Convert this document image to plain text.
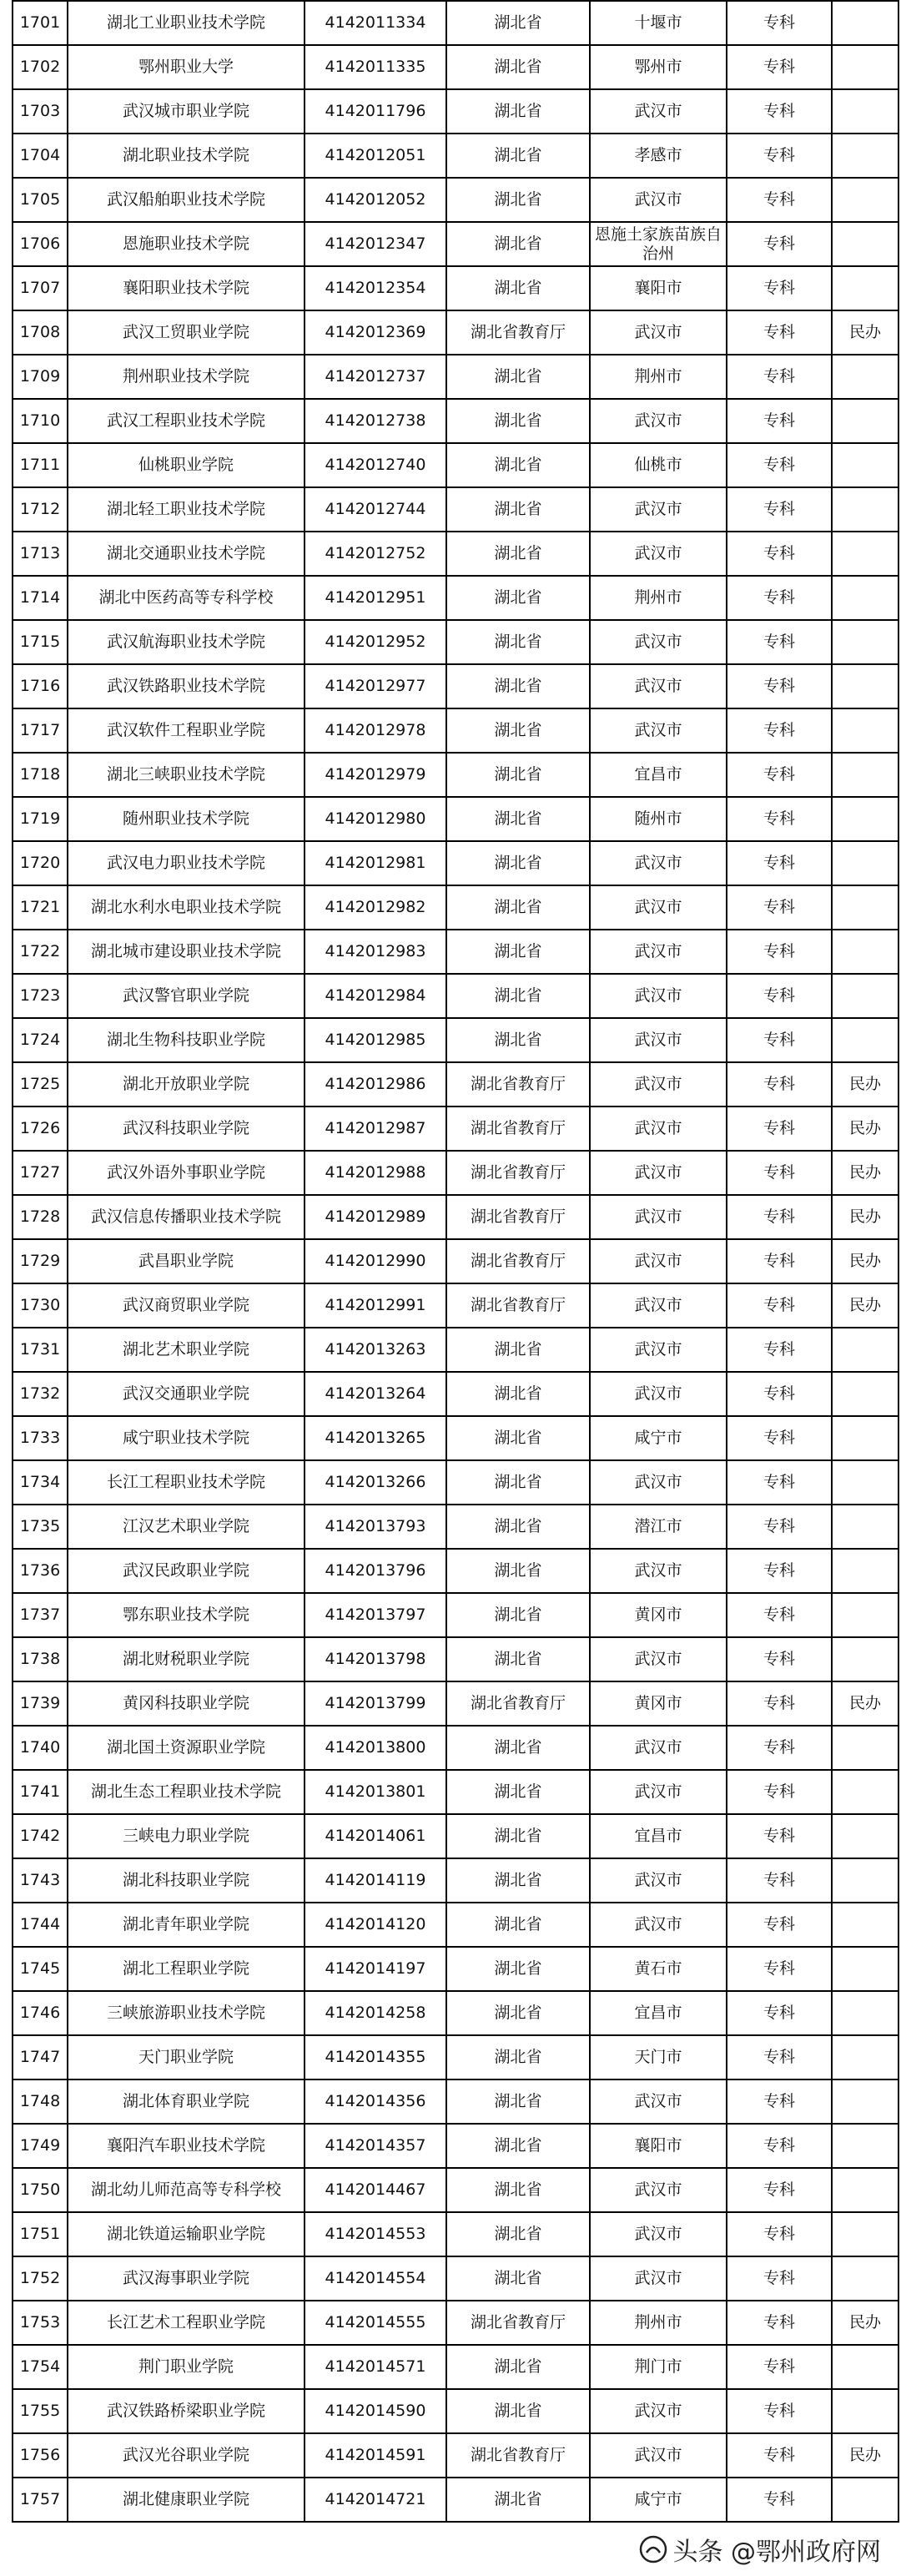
1701	湖北工业职业技术学院	4142011334	湖北省	十堰市	专科	
1702	鄂州职业大学	4142011335	湖北省	鄂州市	专科	
1703	武汉城市职业学院	4142011796	湖北省	武汉市	专科	
1704	湖北职业技术学院	4142012051	湖北省	孝感市	专科	
1705	武汉船舶职业技术学院	4142012052	湖北省	武汉市	专科	
1706	恩施职业技术学院	4142012347	湖北省	恩施土家族苗族自治州	专科	
1707	襄阳职业技术学院	4142012354	湖北省	襄阳市	专科	
1708	武汉工贸职业学院	4142012369	湖北省教育厅	武汉市	专科	民办
1709	荆州职业技术学院	4142012737	湖北省	荆州市	专科	
1710	武汉工程职业技术学院	4142012738	湖北省	武汉市	专科	
1711	仙桃职业学院	4142012740	湖北省	仙桃市	专科	
1712	湖北轻工职业技术学院	4142012744	湖北省	武汉市	专科	
1713	湖北交通职业技术学院	4142012752	湖北省	武汉市	专科	
1714	湖北中医药高等专科学校	4142012951	湖北省	荆州市	专科	
1715	武汉航海职业技术学院	4142012952	湖北省	武汉市	专科	
1716	武汉铁路职业技术学院	4142012977	湖北省	武汉市	专科	
1717	武汉软件工程职业学院	4142012978	湖北省	武汉市	专科	
1718	湖北三峡职业技术学院	4142012979	湖北省	宜昌市	专科	
1719	随州职业技术学院	4142012980	湖北省	随州市	专科	
1720	武汉电力职业技术学院	4142012981	湖北省	武汉市	专科	
1721	湖北水利水电职业技术学院	4142012982	湖北省	武汉市	专科	
1722	湖北城市建设职业技术学院	4142012983	湖北省	武汉市	专科	
1723	武汉警官职业学院	4142012984	湖北省	武汉市	专科	
1724	湖北生物科技职业学院	4142012985	湖北省	武汉市	专科	
1725	湖北开放职业学院	4142012986	湖北省教育厅	武汉市	专科	民办
1726	武汉科技职业学院	4142012987	湖北省教育厅	武汉市	专科	民办
1727	武汉外语外事职业学院	4142012988	湖北省教育厅	武汉市	专科	民办
1728	武汉信息传播职业技术学院	4142012989	湖北省教育厅	武汉市	专科	民办
1729	武昌职业学院	4142012990	湖北省教育厅	武汉市	专科	民办
1730	武汉商贸职业学院	4142012991	湖北省教育厅	武汉市	专科	民办
1731	湖北艺术职业学院	4142013263	湖北省	武汉市	专科	
1732	武汉交通职业学院	4142013264	湖北省	武汉市	专科	
1733	咸宁职业技术学院	4142013265	湖北省	咸宁市	专科	
1734	长江工程职业技术学院	4142013266	湖北省	武汉市	专科	
1735	江汉艺术职业学院	4142013793	湖北省	潜江市	专科	
1736	武汉民政职业学院	4142013796	湖北省	武汉市	专科	
1737	鄂东职业技术学院	4142013797	湖北省	黄冈市	专科	
1738	湖北财税职业学院	4142013798	湖北省	武汉市	专科	
1739	黄冈科技职业学院	4142013799	湖北省教育厅	黄冈市	专科	民办
1740	湖北国土资源职业学院	4142013800	湖北省	武汉市	专科	
1741	湖北生态工程职业技术学院	4142013801	湖北省	武汉市	专科	
1742	三峡电力职业学院	4142014061	湖北省	宜昌市	专科	
1743	湖北科技职业学院	4142014119	湖北省	武汉市	专科	
1744	湖北青年职业学院	4142014120	湖北省	武汉市	专科	
1745	湖北工程职业学院	4142014197	湖北省	黄石市	专科	
1746	三峡旅游职业技术学院	4142014258	湖北省	宜昌市	专科	
1747	天门职业学院	4142014355	湖北省	天门市	专科	
1748	湖北体育职业学院	4142014356	湖北省	武汉市	专科	
1749	襄阳汽车职业技术学院	4142014357	湖北省	襄阳市	专科	
1750	湖北幼儿师范高等专科学校	4142014467	湖北省	武汉市	专科	
1751	湖北铁道运输职业学院	4142014553	湖北省	武汉市	专科	
1752	武汉海事职业学院	4142014554	湖北省	武汉市	专科	
1753	长江艺术工程职业学院	4142014555	湖北省教育厅	荆州市	专科	民办
1754	荆门职业学院	4142014571	湖北省	荆门市	专科	
1755	武汉铁路桥梁职业学院	4142014590	湖北省	武汉市	专科	
1756	武汉光谷职业学院	4142014591	湖北省教育厅	武汉市	专科	民办
1757	湖北健康职业学院	4142014721	湖北省	咸宁市	专科	
头条 @鄂州政府网
